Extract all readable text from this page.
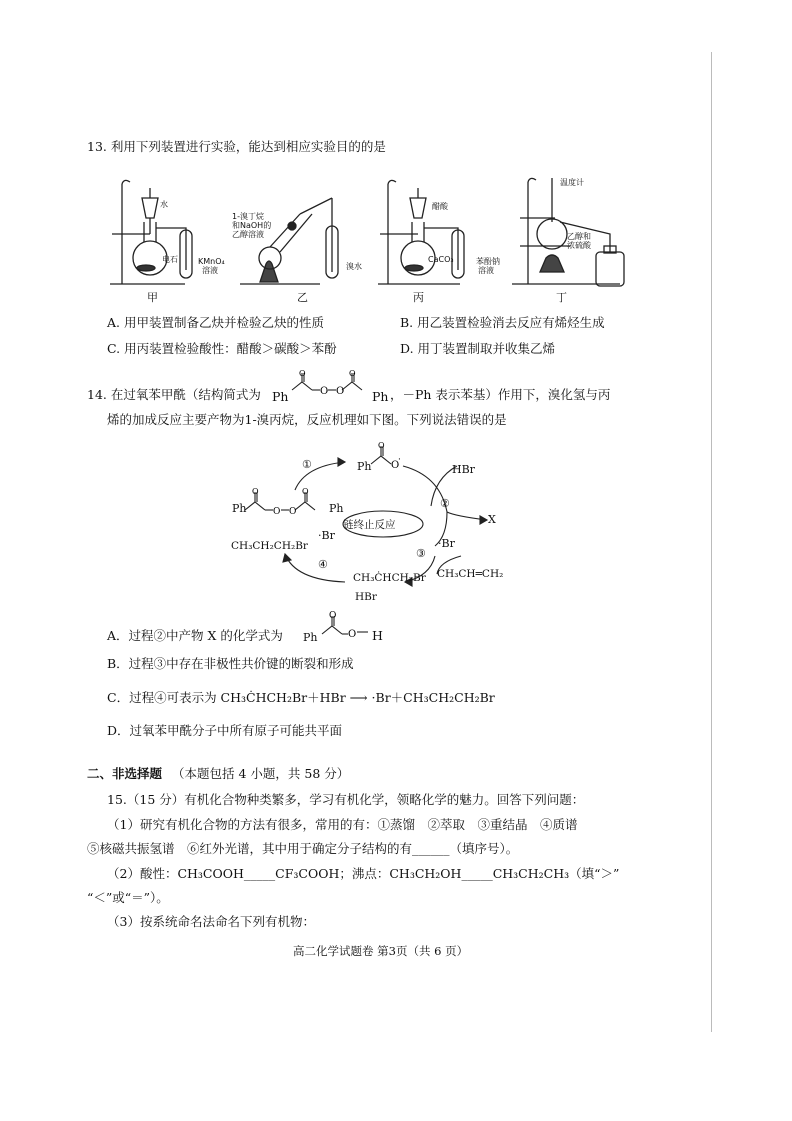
13. 利用下列装置进行实验，能达到相应实验目的的是
水
电石	KMnO₄
溶液
甲
1-溴丁烷
和NaOH的
乙醇溶液
溴水
乙
醋酸
CaCO₃	苯酚钠
溶液
丙
温度计
乙醇和
浓硫酸
丁
A. 用甲装置制备乙炔并检验乙炔的性质	B. 用乙装置检验消去反应有烯烃生成
C. 用丙装置检验酸性：醋酸＞碳酸＞苯酚	D. 用丁装置制取并收集乙烯
14. 在过氧苯甲酰（结构简式为 Ph	O O
O	O
Ph ，－Ph 表示苯基）作用下，溴化氢与丙
烯的加成反应主要产物为1-溴丙烷，反应机理如下图。下列说法错误的是
O O
O	O
O
O
·
①	Ph	HBr
②
X
Ph	Ph
链终止反应
CH₃CH₂CH₂Br
·Br
·Br
③
④
CH₃CH═CH₂
CH₃ĊHCH₂Br
HBr
A．过程②中产物 X 的化学式为 Ph
O
O H
B．过程③中存在非极性共价键的断裂和形成
C．过程④可表示为 CH₃ĊHCH₂Br＋HBr ⟶ ·Br＋CH₃CH₂CH₂Br
D．过氧苯甲酰分子中所有原子可能共平面
二、非选择题 （本题包括 4 小题，共 58 分）
15.（15 分）有机化合物种类繁多，学习有机化学，领略化学的魅力。回答下列问题：
（1）研究有机化合物的方法有很多，常用的有：①蒸馏　②萃取　③重结晶　④质谱
⑤核磁共振氢谱　⑥红外光谱，其中用于确定分子结构的有______（填序号）。
（2）酸性：CH₃COOH_____CF₃COOH；沸点：CH₃CH₂OH_____CH₃CH₂CH₃（填“＞”
“＜”或“＝”）。
（3）按系统命名法命名下列有机物：
高二化学试题卷 第3页（共 6 页）
